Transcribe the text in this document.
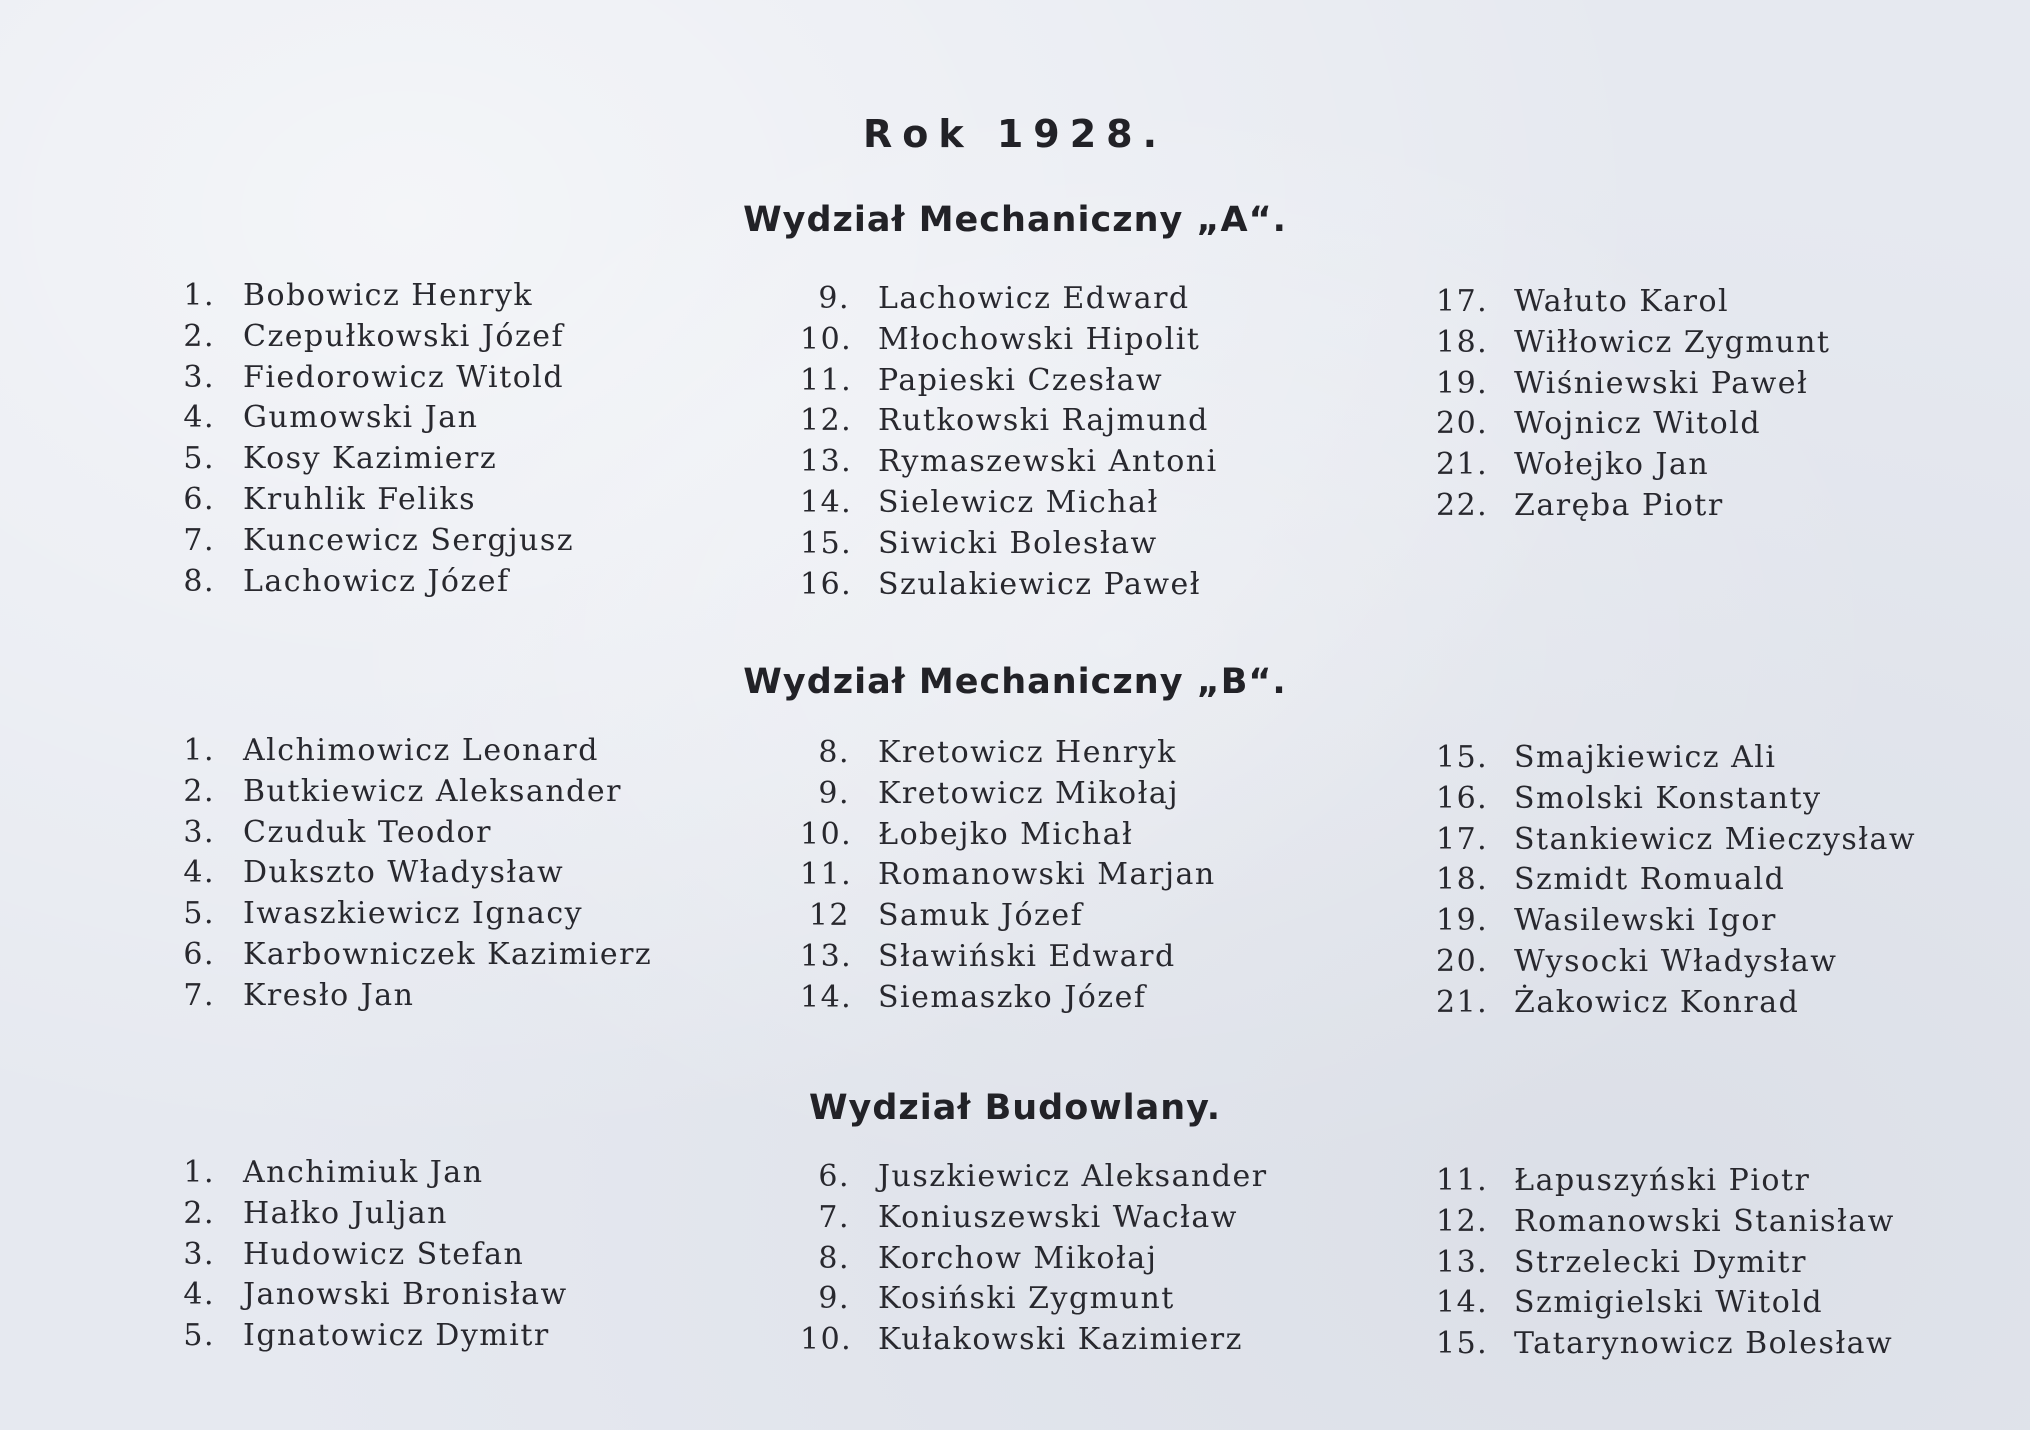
Rok 1928.
Wydział Mechaniczny „A“.
1. Bobowicz Henryk
2. Czepułkowski Józef
3. Fiedorowicz Witold
4. Gumowski Jan
5. Kosy Kazimierz
6. Kruhlik Feliks
7. Kuncewicz Sergjusz
8. Lachowicz Józef
9. Lachowicz Edward
10. Młochowski Hipolit
11. Papieski Czesław
12. Rutkowski Rajmund
13. Rymaszewski Antoni
14. Sielewicz Michał
15. Siwicki Bolesław
16. Szulakiewicz Paweł
17. Wałuto Karol
18. Wiłłowicz Zygmunt
19. Wiśniewski Paweł
20. Wojnicz Witold
21. Wołejko Jan
22. Zaręba Piotr
Wydział Mechaniczny „B“.
1. Alchimowicz Leonard
2. Butkiewicz Aleksander
3. Czuduk Teodor
4. Dukszto Władysław
5. Iwaszkiewicz Ignacy
6. Karbowniczek Kazimierz
7. Kresło Jan
8. Kretowicz Henryk
9. Kretowicz Mikołaj
10. Łobejko Michał
11. Romanowski Marjan
12 Samuk Józef
13. Sławiński Edward
14. Siemaszko Józef
15. Smajkiewicz Ali
16. Smolski Konstanty
17. Stankiewicz Mieczysław
18. Szmidt Romuald
19. Wasilewski Igor
20. Wysocki Władysław
21. Żakowicz Konrad
Wydział Budowlany.
1. Anchimiuk Jan
2. Hałko Juljan
3. Hudowicz Stefan
4. Janowski Bronisław
5. Ignatowicz Dymitr
6. Juszkiewicz Aleksander
7. Koniuszewski Wacław
8. Korchow Mikołaj
9. Kosiński Zygmunt
10. Kułakowski Kazimierz
11. Łapuszyński Piotr
12. Romanowski Stanisław
13. Strzelecki Dymitr
14. Szmigielski Witold
15. Tatarynowicz Bolesław
